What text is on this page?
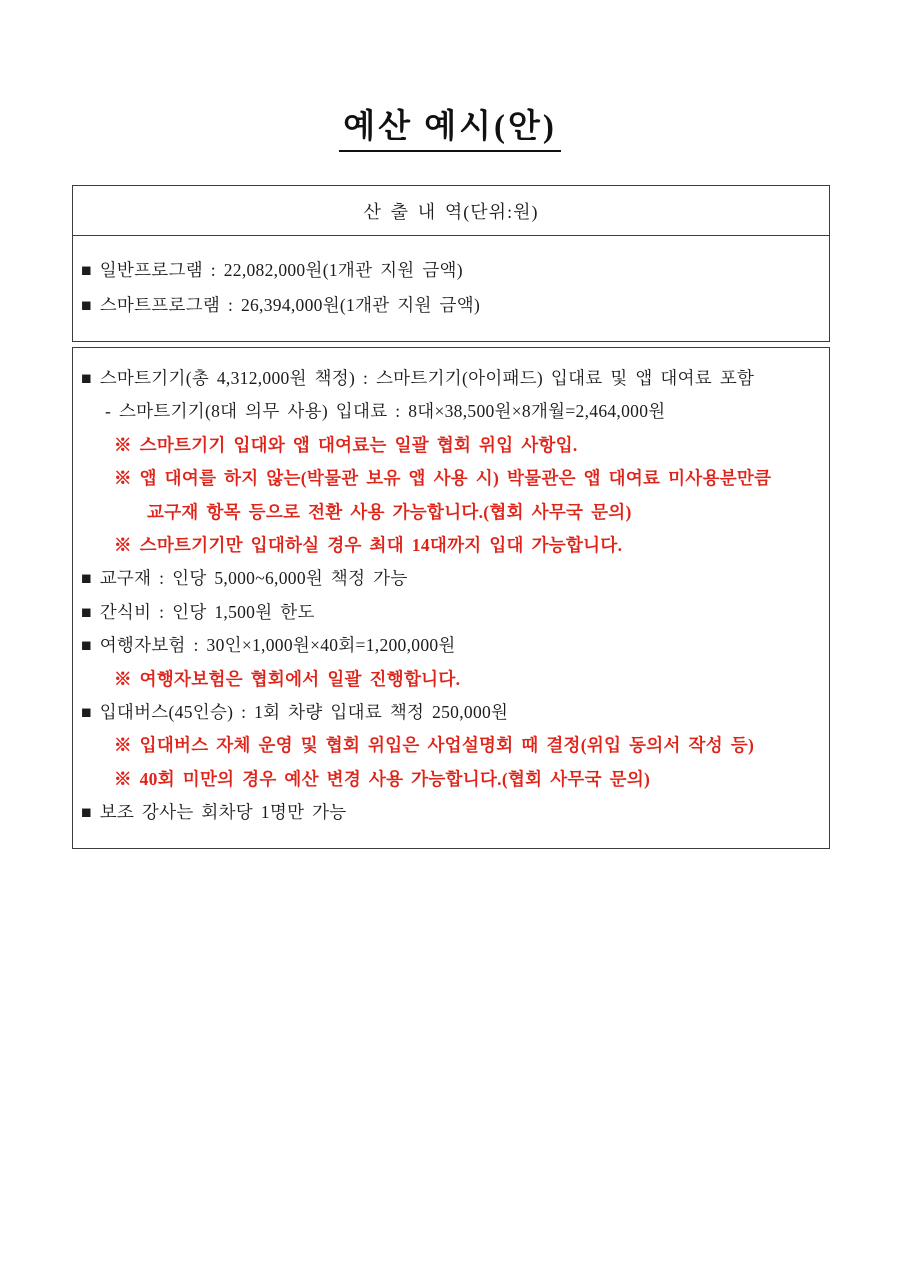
예산 예시(안)
산 출 내 역(단위:원)
■ 일반프로그램 : 22,082,000원(1개관 지원 금액)
■ 스마트프로그램 : 26,394,000원(1개관 지원 금액)
■ 스마트기기(총 4,312,000원 책정) : 스마트기기(아이패드) 입대료 및 앱 대여료 포함
- 스마트기기(8대 의무 사용) 입대료 : 8대×38,500원×8개월=2,464,000원
※ 스마트기기 입대와 앱 대여료는 일괄 협회 위입 사항입.
※ 앱 대여를 하지 않는(박물관 보유 앱 사용 시) 박물관은 앱 대여료 미사용분만큼
교구재 항목 등으로 전환 사용 가능합니다.(협회 사무국 문의)
※ 스마트기기만 입대하실 경우 최대 14대까지 입대 가능합니다.
■ 교구재 : 인당 5,000~6,000원 책정 가능
■ 간식비 : 인당 1,500원 한도
■ 여행자보험 : 30인×1,000원×40회=1,200,000원
※ 여행자보험은 협회에서 일괄 진행합니다.
■ 입대버스(45인승) : 1회 차량 입대료 책정 250,000원
※ 입대버스 자체 운영 및 협회 위입은 사업설명회 때 결정(위입 동의서 작성 등)
※ 40회 미만의 경우 예산 변경 사용 가능합니다.(협회 사무국 문의)
■ 보조 강사는 회차당 1명만 가능
